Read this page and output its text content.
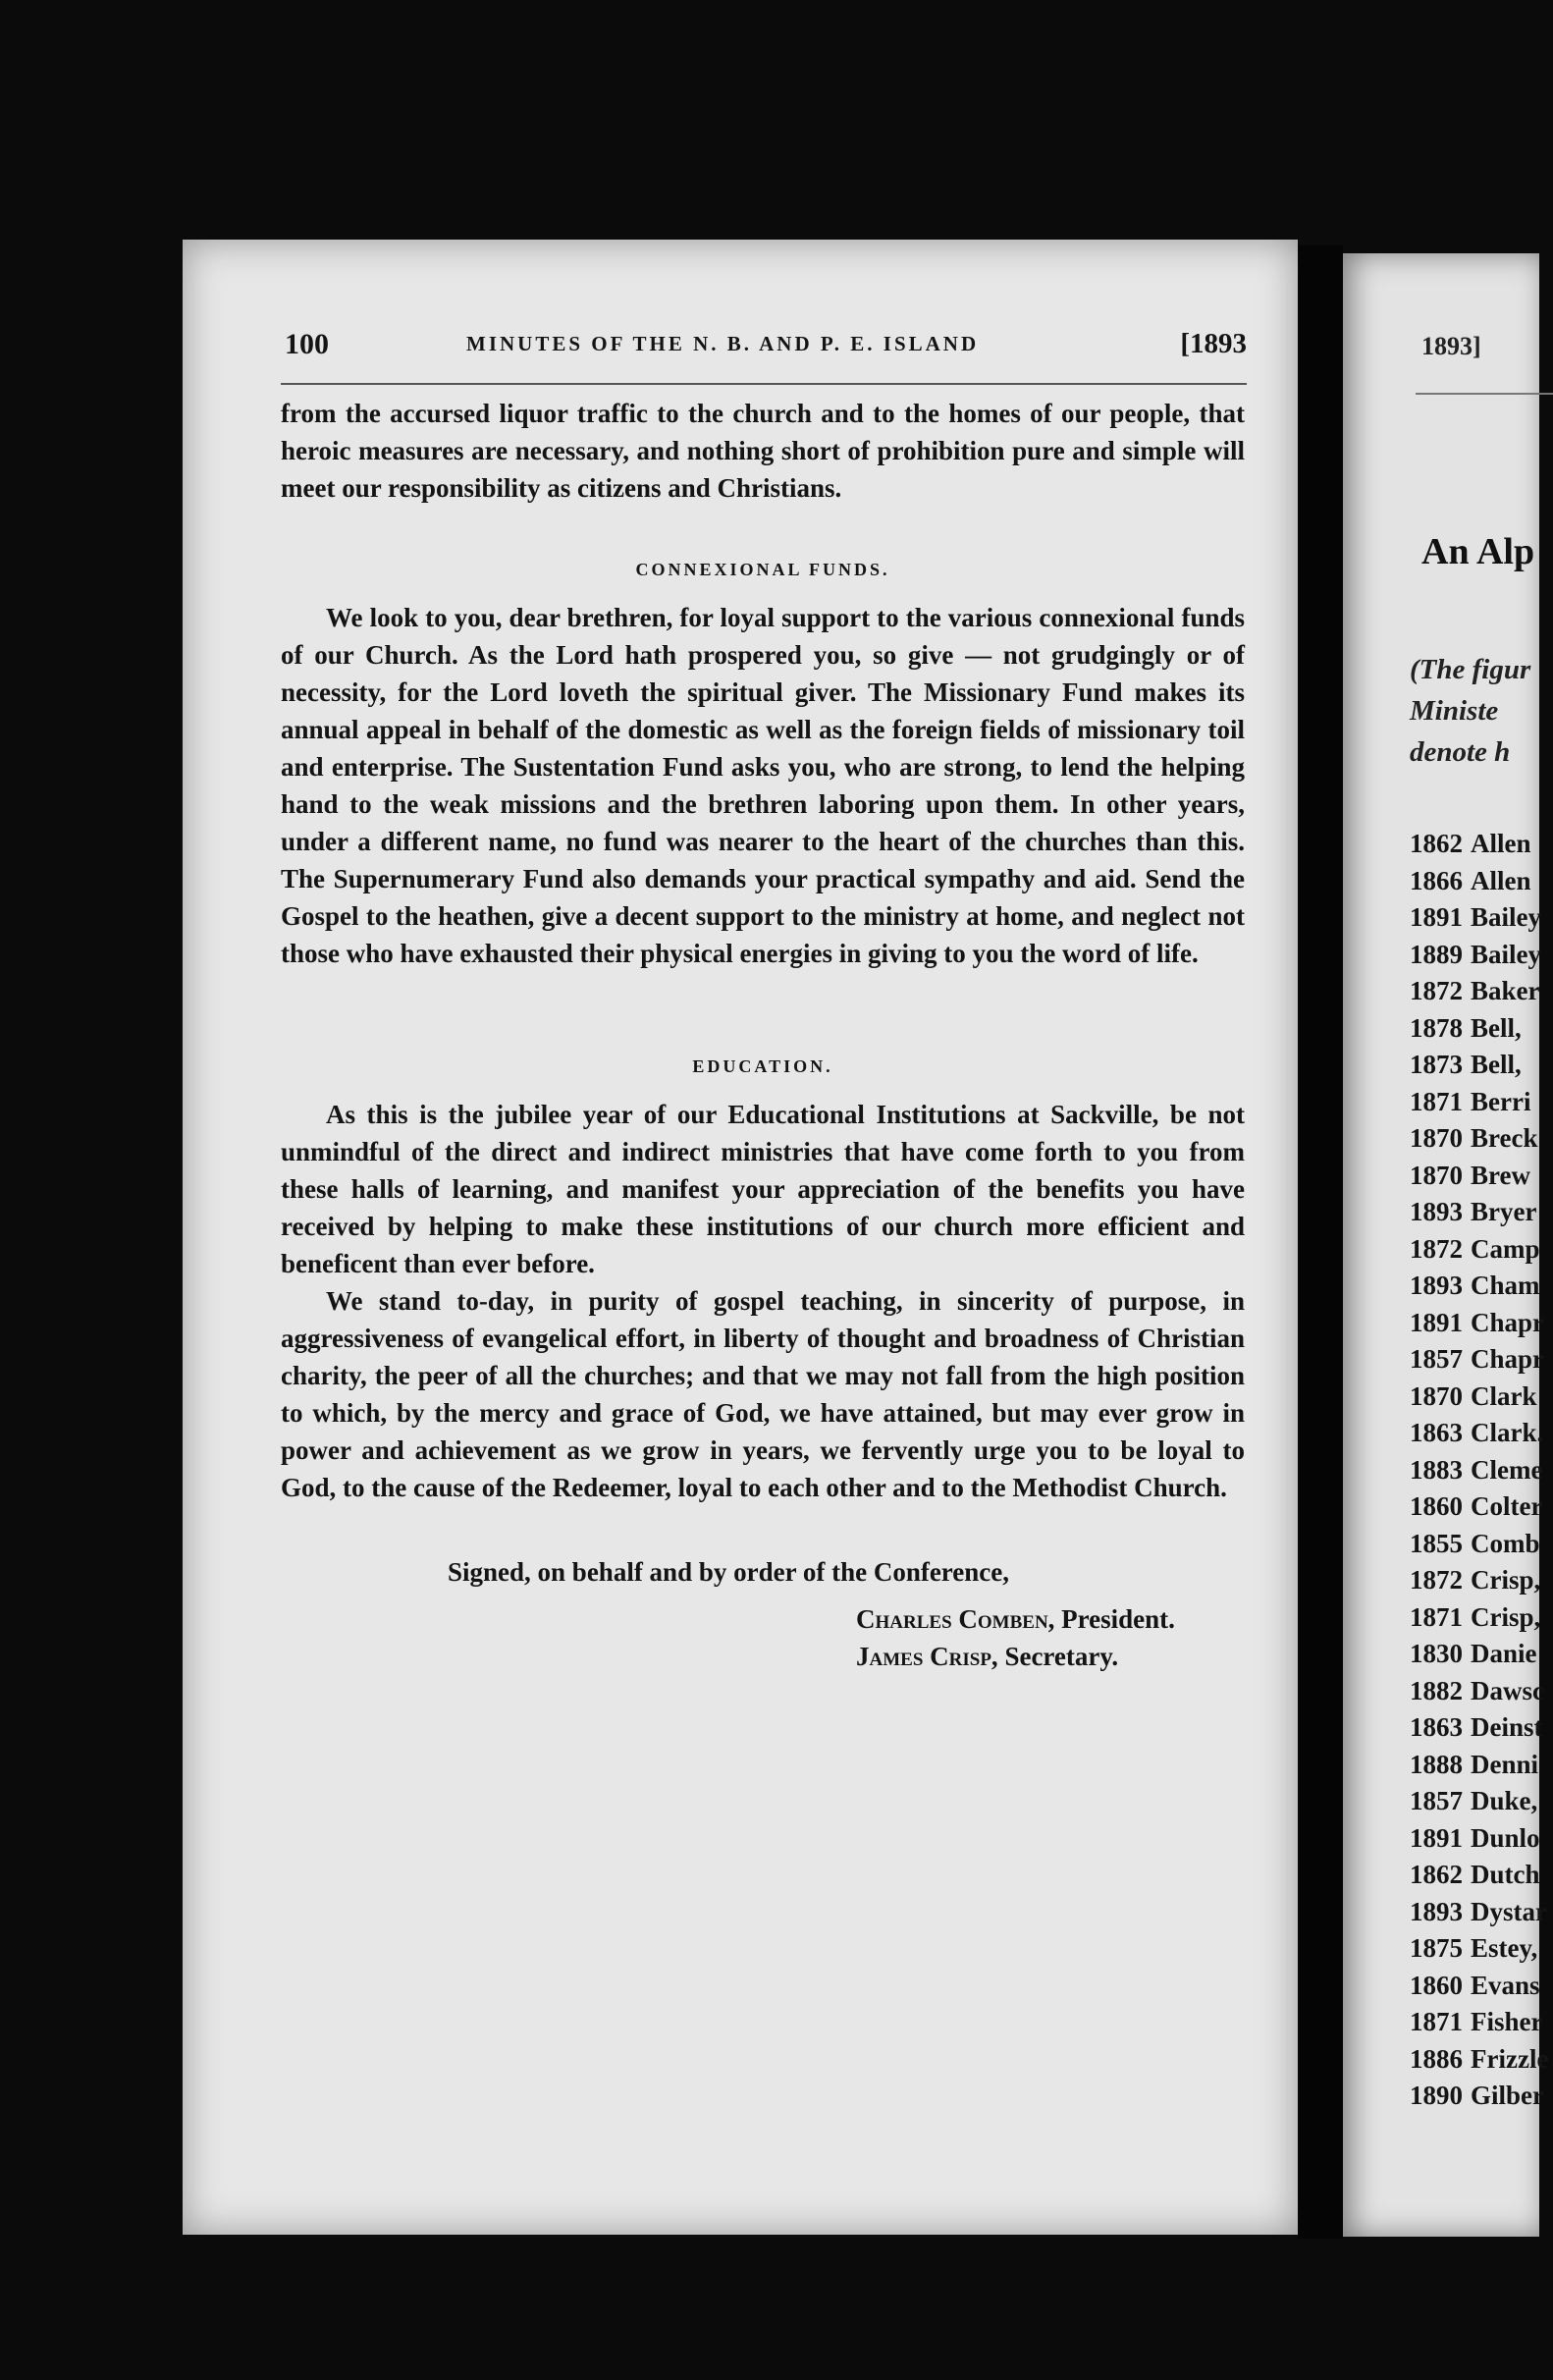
100	MINUTES OF THE N. B. AND P. E. ISLAND	[1893

from the accursed liquor traffic to the church and to the homes of our people, that heroic measures are necessary, and nothing short of prohibition pure and simple will meet our responsibility as citizens and Christians.

CONNEXIONAL FUNDS.

We look to you, dear brethren, for loyal support to the various connexional funds of our Church. As the Lord hath prospered you, so give — not grudgingly or of necessity, for the Lord loveth the spiritual giver. The Missionary Fund makes its annual appeal in behalf of the domestic as well as the foreign fields of missionary toil and enterprise. The Sustentation Fund asks you, who are strong, to lend the helping hand to the weak missions and the brethren laboring upon them. In other years, under a different name, no fund was nearer to the heart of the churches than this. The Supernumerary Fund also demands your practical sympathy and aid. Send the Gospel to the heathen, give a decent support to the ministry at home, and neglect not those who have exhausted their physical energies in giving to you the word of life.

EDUCATION.

As this is the jubilee year of our Educational Institutions at Sackville, be not unmindful of the direct and indirect ministries that have come forth to you from these halls of learning, and manifest your appreciation of the benefits you have received by helping to make these institutions of our church more efficient and beneficent than ever before.

We stand to-day, in purity of gospel teaching, in sincerity of purpose, in aggressiveness of evangelical effort, in liberty of thought and broadness of Christian charity, the peer of all the churches; and that we may not fall from the high position to which, by the mercy and grace of God, we have attained, but may ever grow in power and achievement as we grow in years, we fervently urge you to be loyal to God, to the cause of the Redeemer, loyal to each other and to the Methodist Church.

Signed, on behalf and by order of the Conference,
Charles Comben, President.
James Crisp, Secretary.
1893]
An Alp
(The figur
Ministe
denote h
1862 Allen
1866 Allen
1891 Bailey
1889 Bailey
1872 Baker
1878 Bell,
1873 Bell,
1871 Berri
1870 Breck
1870 Brew
1893 Bryer
1872 Camp
1893 Cham
1891 Chapr
1857 Chapr
1870 Clark
1863 Clark.
1883 Cleme
1860 Colter
1855 Comb
1872 Crisp,
1871 Crisp,
1830 Danie
1882 Dawsc
1863 Deinst
1888 Denni
1857 Duke,
1891 Dunlo
1862 Dutch
1893 Dystar
1875 Estey,
1860 Evans
1871 Fisher
1886 Frizzle
1890 Gilber
